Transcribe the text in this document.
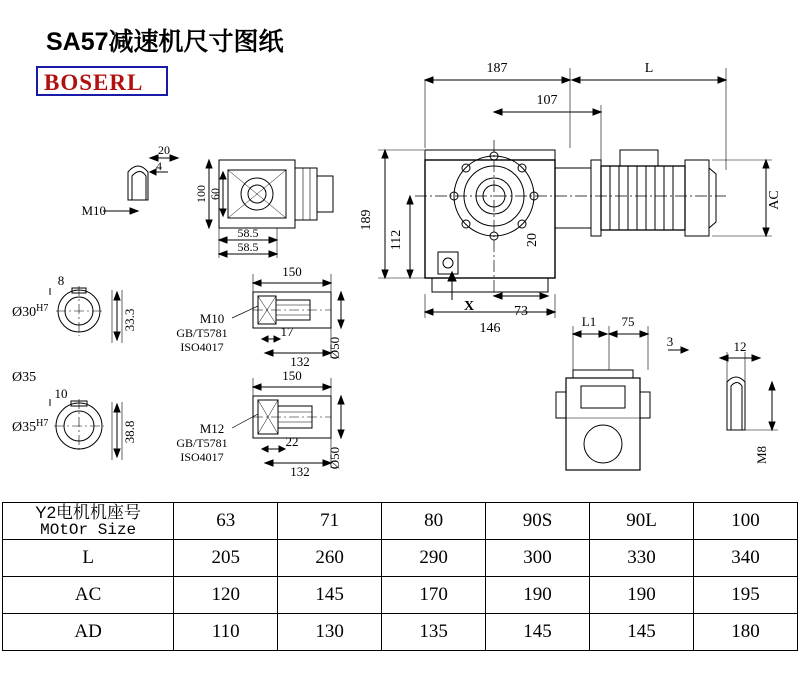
SA57减速机尺寸图纸
BOSERL
187	L
107
146
73
X
20
189
112
AC
20
4
M10
100 60
58.5
58.5
8
33.3
10
38.8
150
17
132
Ø50
M10
GB/T5781
ISO4017
150
22
132
Ø50
M12
GB/T5781
ISO4017
L1 75
3	12
M8
$Ø30^{H7}$
Ø35
$Ø35^{H7}$
Y2电机机座号
MOtOr Size	63	71	80	90S	90L	100
L	205	260	290	300	330	340
AC	120	145	170	190	190	195
AD	110	130	135	145	145	180
